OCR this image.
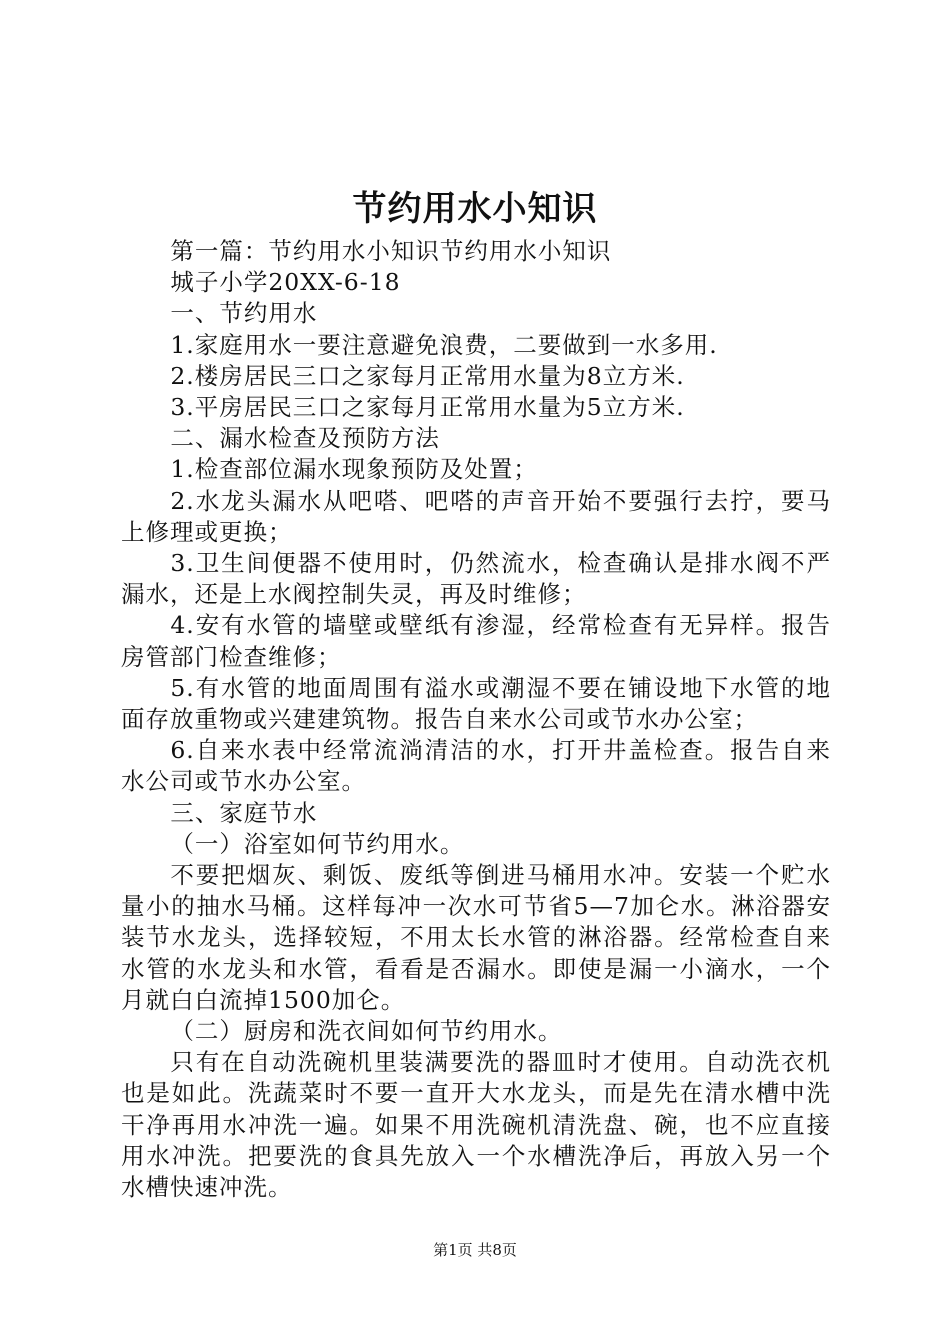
节约用水小知识

第一篇：节约用水小知识节约用水小知识

城子小学20XX-6-18

一、节约用水

1.家庭用水一要注意避免浪费，二要做到一水多用.

2.楼房居民三口之家每月正常用水量为8立方米.

3.平房居民三口之家每月正常用水量为5立方米.

二、漏水检查及预防方法

1.检查部位漏水现象预防及处置；

2.水龙头漏水从吧嗒、吧嗒的声音开始不要强行去拧，要马上修理或更换；

3.卫生间便器不使用时，仍然流水，检查确认是排水阀不严漏水，还是上水阀控制失灵，再及时维修；

4.安有水管的墙壁或壁纸有渗湿，经常检查有无异样。报告房管部门检查维修；

5.有水管的地面周围有溢水或潮湿不要在铺设地下水管的地面存放重物或兴建建筑物。报告自来水公司或节水办公室；

6.自来水表中经常流淌清洁的水，打开井盖检查。报告自来水公司或节水办公室。

三、家庭节水

（一）浴室如何节约用水。

不要把烟灰、剩饭、废纸等倒进马桶用水冲。安装一个贮水量小的抽水马桶。这样每冲一次水可节省5—7加仑水。淋浴器安装节水龙头，选择较短，不用太长水管的淋浴器。经常检查自来水管的水龙头和水管，看看是否漏水。即使是漏一小滴水，一个月就白白流掉1500加仑。

（二）厨房和洗衣间如何节约用水。

只有在自动洗碗机里装满要洗的器皿时才使用。自动洗衣机也是如此。洗蔬菜时不要一直开大水龙头，而是先在清水槽中洗干净再用水冲洗一遍。如果不用洗碗机清洗盘、碗，也不应直接用水冲洗。把要洗的食具先放入一个水槽洗净后，再放入另一个水槽快速冲洗。

第1页 共8页
